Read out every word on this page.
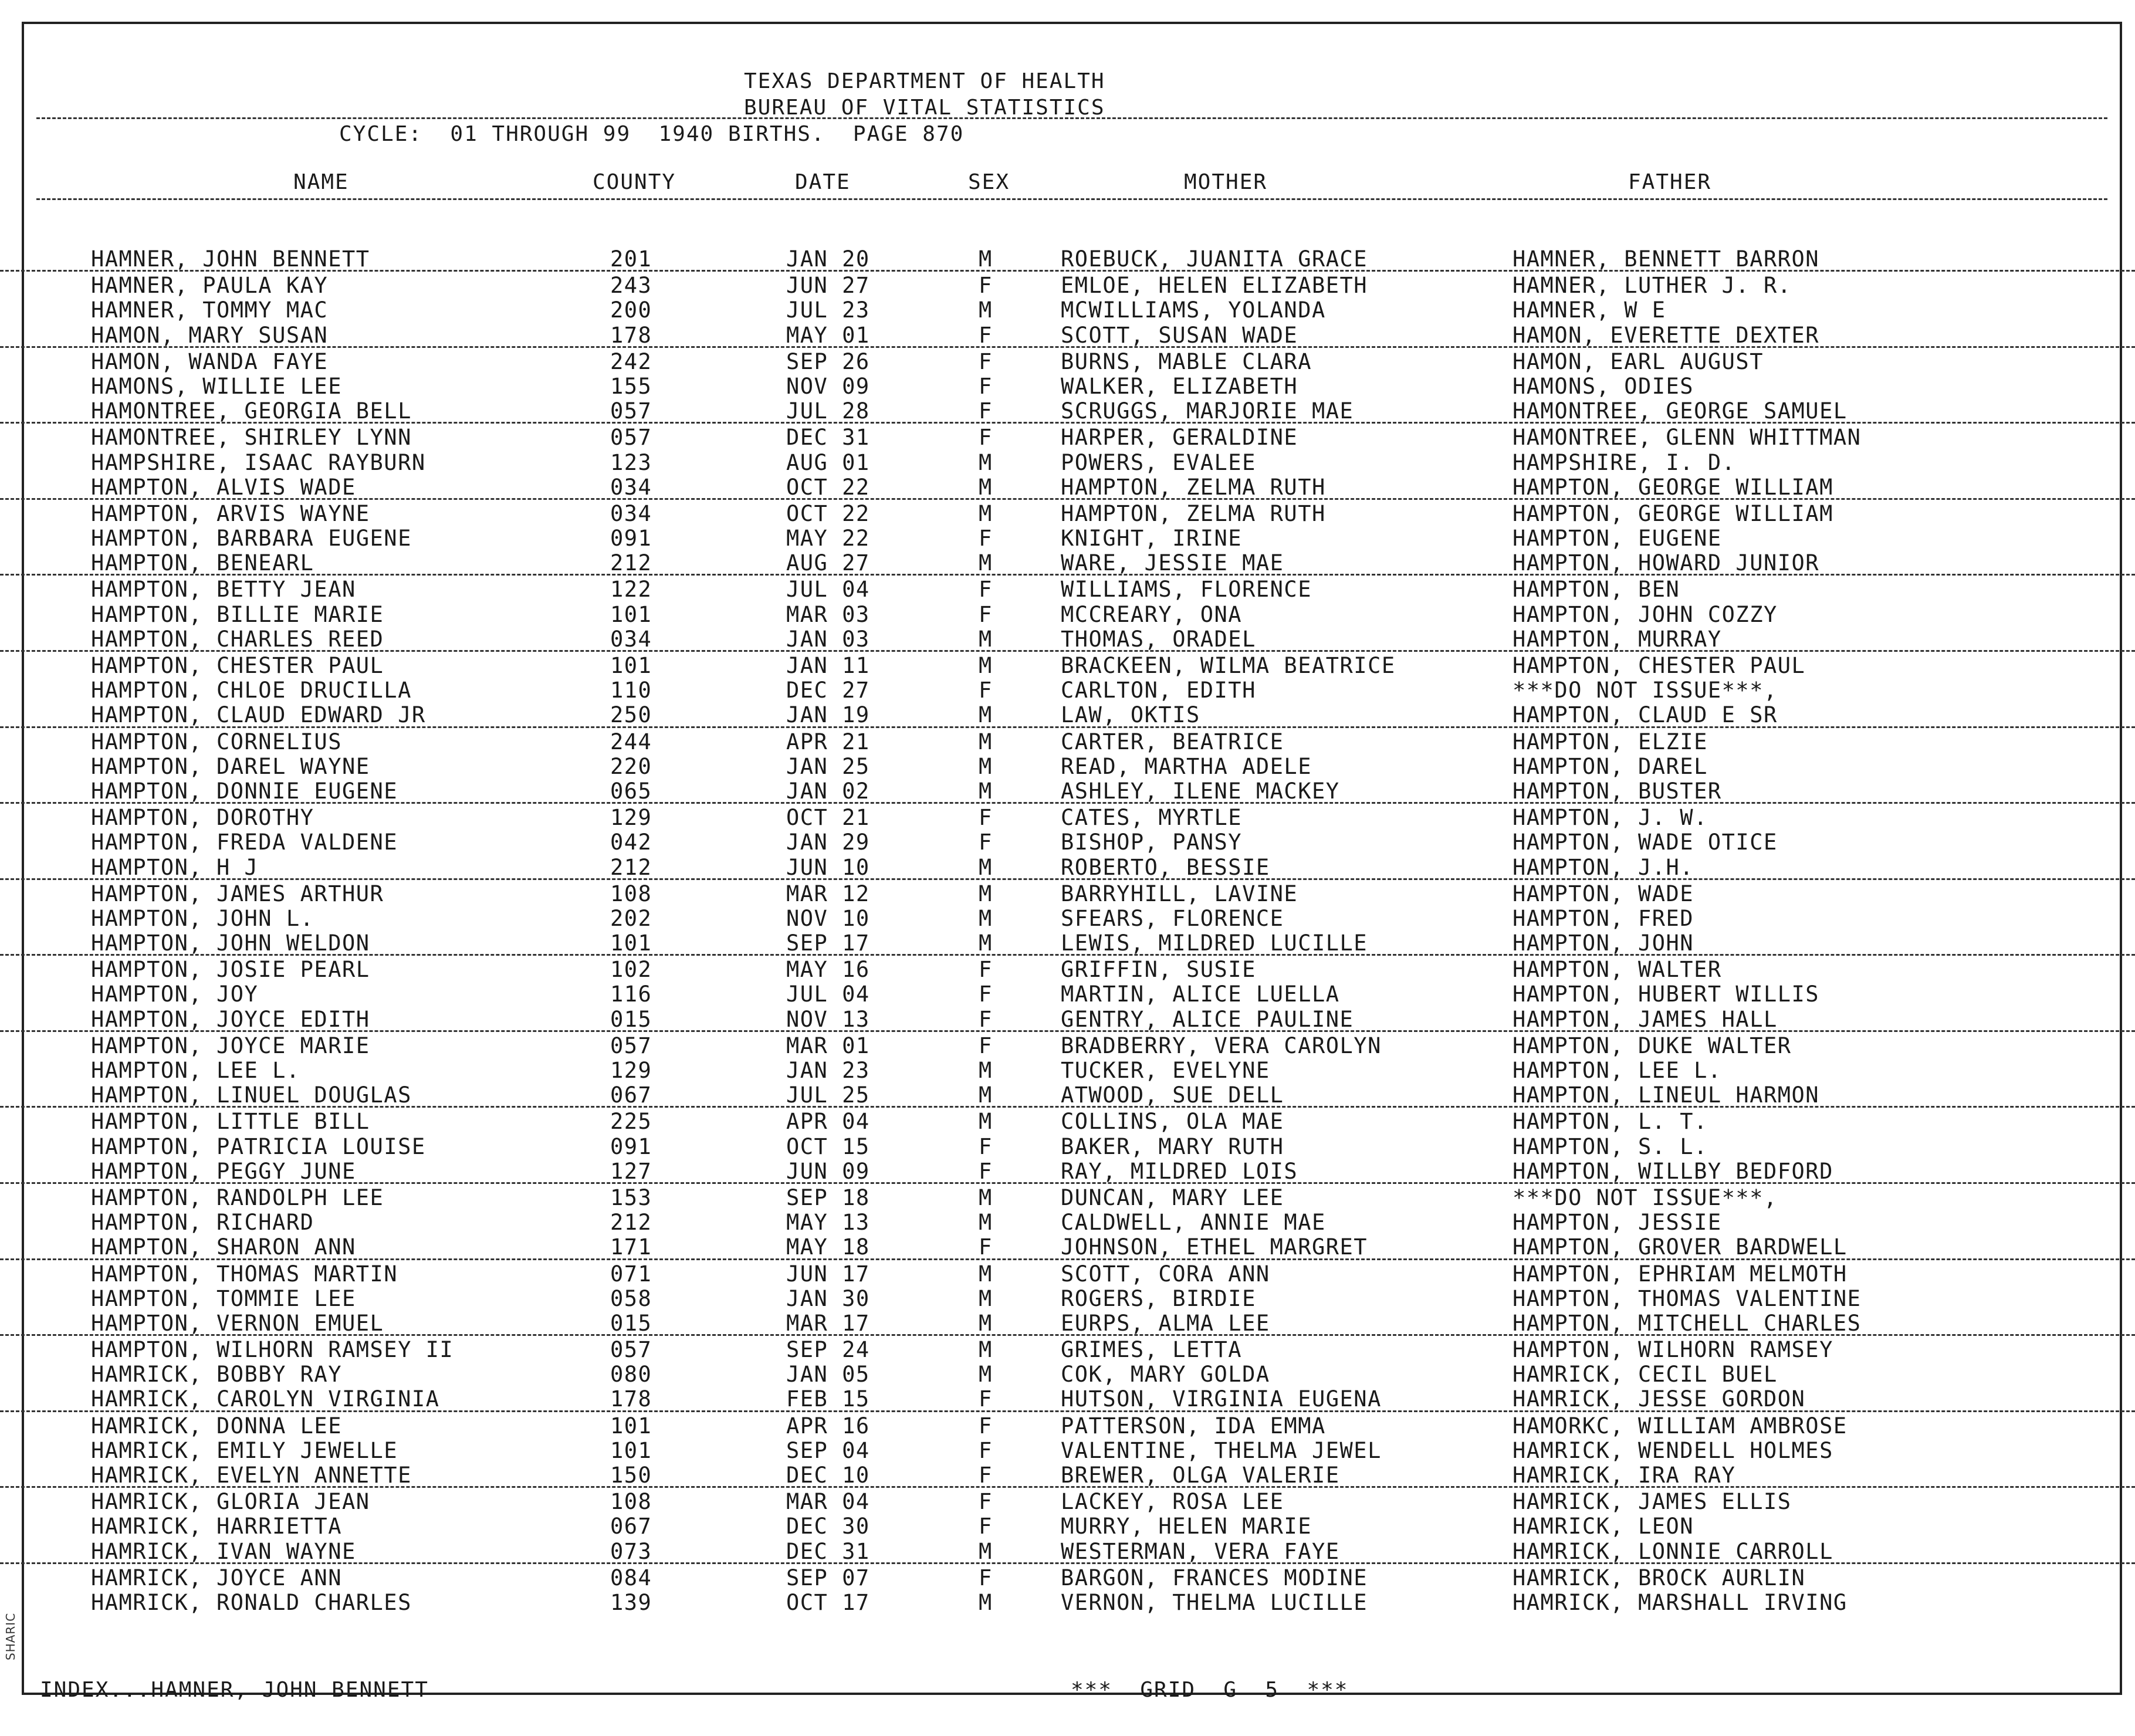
SHARIC
TEXAS DEPARTMENT OF HEALTH
BUREAU OF VITAL STATISTICS
CYCLE:  01 THROUGH 99  1940 BIRTHS.  PAGE 870
NAME	COUNTY	DATE	SEX	MOTHER	FATHER
HAMNER, JOHN BENNETT	201	JAN 20	M	ROEBUCK, JUANITA GRACE	HAMNER, BENNETT BARRON
HAMNER, PAULA KAY	243	JUN 27	F	EMLOE, HELEN ELIZABETH	HAMNER, LUTHER J. R.
HAMNER, TOMMY MAC	200	JUL 23	M	MCWILLIAMS, YOLANDA	HAMNER, W E
HAMON, MARY SUSAN	178	MAY 01	F	SCOTT, SUSAN WADE	HAMON, EVERETTE DEXTER
HAMON, WANDA FAYE	242	SEP 26	F	BURNS, MABLE CLARA	HAMON, EARL AUGUST
HAMONS, WILLIE LEE	155	NOV 09	F	WALKER, ELIZABETH	HAMONS, ODIES
HAMONTREE, GEORGIA BELL	057	JUL 28	F	SCRUGGS, MARJORIE MAE	HAMONTREE, GEORGE SAMUEL
HAMONTREE, SHIRLEY LYNN	057	DEC 31	F	HARPER, GERALDINE	HAMONTREE, GLENN WHITTMAN
HAMPSHIRE, ISAAC RAYBURN	123	AUG 01	M	POWERS, EVALEE	HAMPSHIRE, I. D.
HAMPTON, ALVIS WADE	034	OCT 22	M	HAMPTON, ZELMA RUTH	HAMPTON, GEORGE WILLIAM
HAMPTON, ARVIS WAYNE	034	OCT 22	M	HAMPTON, ZELMA RUTH	HAMPTON, GEORGE WILLIAM
HAMPTON, BARBARA EUGENE	091	MAY 22	F	KNIGHT, IRINE	HAMPTON, EUGENE
HAMPTON, BENEARL	212	AUG 27	M	WARE, JESSIE MAE	HAMPTON, HOWARD JUNIOR
HAMPTON, BETTY JEAN	122	JUL 04	F	WILLIAMS, FLORENCE	HAMPTON, BEN
HAMPTON, BILLIE MARIE	101	MAR 03	F	MCCREARY, ONA	HAMPTON, JOHN COZZY
HAMPTON, CHARLES REED	034	JAN 03	M	THOMAS, ORADEL	HAMPTON, MURRAY
HAMPTON, CHESTER PAUL	101	JAN 11	M	BRACKEEN, WILMA BEATRICE	HAMPTON, CHESTER PAUL
HAMPTON, CHLOE DRUCILLA	110	DEC 27	F	CARLTON, EDITH	***DO NOT ISSUE***,
HAMPTON, CLAUD EDWARD JR	250	JAN 19	M	LAW, OKTIS	HAMPTON, CLAUD E SR
HAMPTON, CORNELIUS	244	APR 21	M	CARTER, BEATRICE	HAMPTON, ELZIE
HAMPTON, DAREL WAYNE	220	JAN 25	M	READ, MARTHA ADELE	HAMPTON, DAREL
HAMPTON, DONNIE EUGENE	065	JAN 02	M	ASHLEY, ILENE MACKEY	HAMPTON, BUSTER
HAMPTON, DOROTHY	129	OCT 21	F	CATES, MYRTLE	HAMPTON, J. W.
HAMPTON, FREDA VALDENE	042	JAN 29	F	BISHOP, PANSY	HAMPTON, WADE OTICE
HAMPTON, H J	212	JUN 10	M	ROBERTO, BESSIE	HAMPTON, J.H.
HAMPTON, JAMES ARTHUR	108	MAR 12	M	BARRYHILL, LAVINE	HAMPTON, WADE
HAMPTON, JOHN L.	202	NOV 10	M	SFEARS, FLORENCE	HAMPTON, FRED
HAMPTON, JOHN WELDON	101	SEP 17	M	LEWIS, MILDRED LUCILLE	HAMPTON, JOHN
HAMPTON, JOSIE PEARL	102	MAY 16	F	GRIFFIN, SUSIE	HAMPTON, WALTER
HAMPTON, JOY	116	JUL 04	F	MARTIN, ALICE LUELLA	HAMPTON, HUBERT WILLIS
HAMPTON, JOYCE EDITH	015	NOV 13	F	GENTRY, ALICE PAULINE	HAMPTON, JAMES HALL
HAMPTON, JOYCE MARIE	057	MAR 01	F	BRADBERRY, VERA CAROLYN	HAMPTON, DUKE WALTER
HAMPTON, LEE L.	129	JAN 23	M	TUCKER, EVELYNE	HAMPTON, LEE L.
HAMPTON, LINUEL DOUGLAS	067	JUL 25	M	ATWOOD, SUE DELL	HAMPTON, LINEUL HARMON
HAMPTON, LITTLE BILL	225	APR 04	M	COLLINS, OLA MAE	HAMPTON, L. T.
HAMPTON, PATRICIA LOUISE	091	OCT 15	F	BAKER, MARY RUTH	HAMPTON, S. L.
HAMPTON, PEGGY JUNE	127	JUN 09	F	RAY, MILDRED LOIS	HAMPTON, WILLBY BEDFORD
HAMPTON, RANDOLPH LEE	153	SEP 18	M	DUNCAN, MARY LEE	***DO NOT ISSUE***,
HAMPTON, RICHARD	212	MAY 13	M	CALDWELL, ANNIE MAE	HAMPTON, JESSIE
HAMPTON, SHARON ANN	171	MAY 18	F	JOHNSON, ETHEL MARGRET	HAMPTON, GROVER BARDWELL
HAMPTON, THOMAS MARTIN	071	JUN 17	M	SCOTT, CORA ANN	HAMPTON, EPHRIAM MELMOTH
HAMPTON, TOMMIE LEE	058	JAN 30	M	ROGERS, BIRDIE	HAMPTON, THOMAS VALENTINE
HAMPTON, VERNON EMUEL	015	MAR 17	M	EURPS, ALMA LEE	HAMPTON, MITCHELL CHARLES
HAMPTON, WILHORN RAMSEY II	057	SEP 24	M	GRIMES, LETTA	HAMPTON, WILHORN RAMSEY
HAMRICK, BOBBY RAY	080	JAN 05	M	COK, MARY GOLDA	HAMRICK, CECIL BUEL
HAMRICK, CAROLYN VIRGINIA	178	FEB 15	F	HUTSON, VIRGINIA EUGENA	HAMRICK, JESSE GORDON
HAMRICK, DONNA LEE	101	APR 16	F	PATTERSON, IDA EMMA	HAMORKC, WILLIAM AMBROSE
HAMRICK, EMILY JEWELLE	101	SEP 04	F	VALENTINE, THELMA JEWEL	HAMRICK, WENDELL HOLMES
HAMRICK, EVELYN ANNETTE	150	DEC 10	F	BREWER, OLGA VALERIE	HAMRICK, IRA RAY
HAMRICK, GLORIA JEAN	108	MAR 04	F	LACKEY, ROSA LEE	HAMRICK, JAMES ELLIS
HAMRICK, HARRIETTA	067	DEC 30	F	MURRY, HELEN MARIE	HAMRICK, LEON
HAMRICK, IVAN WAYNE	073	DEC 31	M	WESTERMAN, VERA FAYE	HAMRICK, LONNIE CARROLL
HAMRICK, JOYCE ANN	084	SEP 07	F	BARGON, FRANCES MODINE	HAMRICK, BROCK AURLIN
HAMRICK, RONALD CHARLES	139	OCT 17	M	VERNON, THELMA LUCILLE	HAMRICK, MARSHALL IRVING
INDEX...HAMNER, JOHN BENNETT	***  GRID  G  5  ***
